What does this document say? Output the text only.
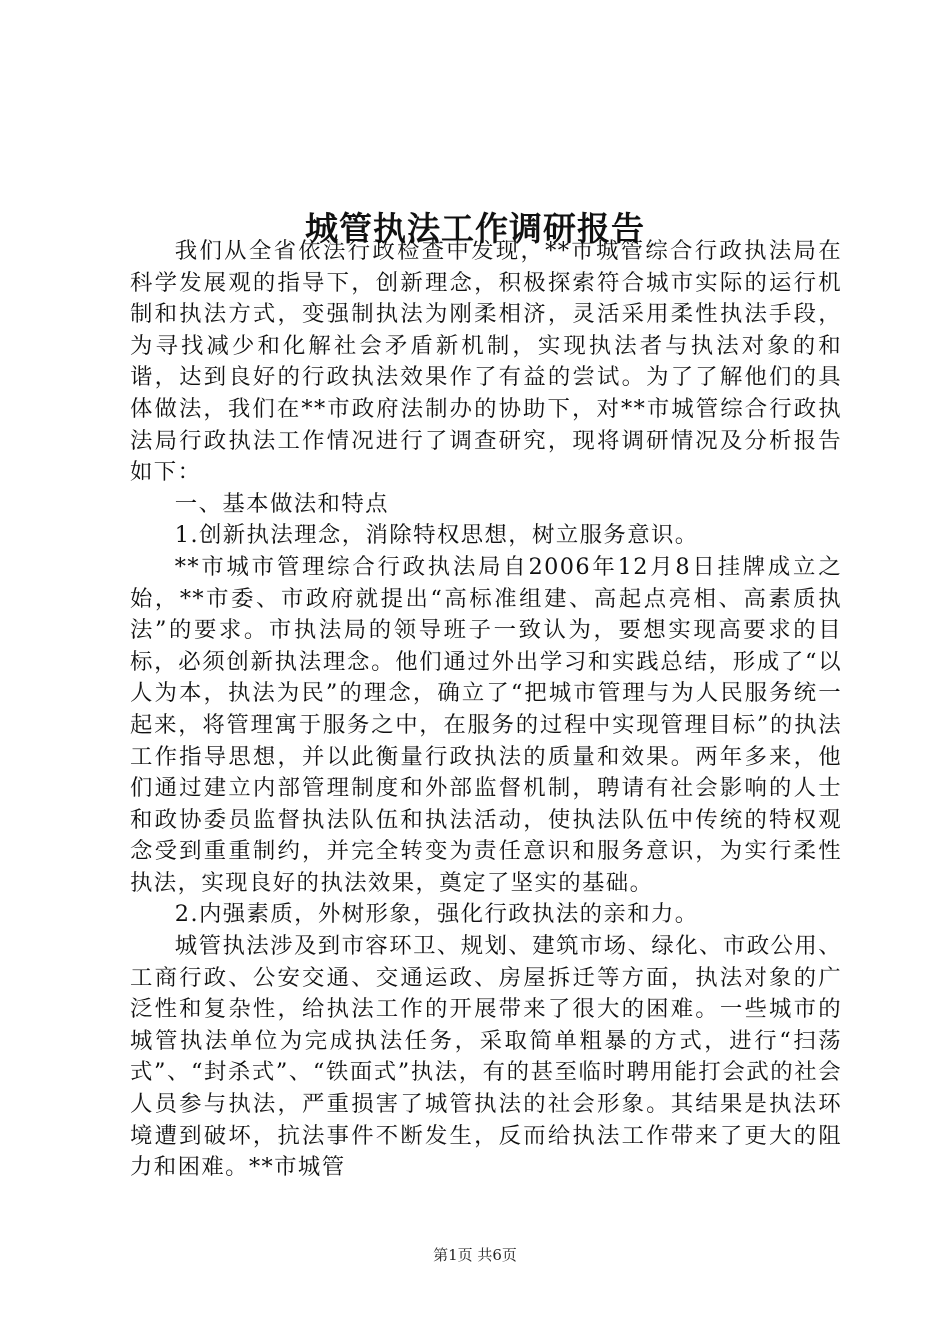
城管执法工作调研报告

我们从全省依法行政检查中发现，**市城管综合行政执法局在科学发展观的指导下，创新理念，积极探索符合城市实际的运行机制和执法方式，变强制执法为刚柔相济，灵活采用柔性执法手段，为寻找减少和化解社会矛盾新机制，实现执法者与执法对象的和谐，达到良好的行政执法效果作了有益的尝试。为了了解他们的具体做法，我们在**市政府法制办的协助下，对**市城管综合行政执法局行政执法工作情况进行了调查研究，现将调研情况及分析报告如下：

一、基本做法和特点

1.创新执法理念，消除特权思想，树立服务意识。

**市城市管理综合行政执法局自2006年12月8日挂牌成立之始，**市委、市政府就提出“高标准组建、高起点亮相、高素质执法”的要求。市执法局的领导班子一致认为，要想实现高要求的目标，必须创新执法理念。他们通过外出学习和实践总结，形成了“以人为本，执法为民”的理念，确立了“把城市管理与为人民服务统一起来，将管理寓于服务之中，在服务的过程中实现管理目标”的执法工作指导思想，并以此衡量行政执法的质量和效果。两年多来，他们通过建立内部管理制度和外部监督机制，聘请有社会影响的人士和政协委员监督执法队伍和执法活动，使执法队伍中传统的特权观念受到重重制约，并完全转变为责任意识和服务意识，为实行柔性执法，实现良好的执法效果，奠定了坚实的基础。

2.内强素质，外树形象，强化行政执法的亲和力。

城管执法涉及到市容环卫、规划、建筑市场、绿化、市政公用、工商行政、公安交通、交通运政、房屋拆迁等方面，执法对象的广泛性和复杂性，给执法工作的开展带来了很大的困难。一些城市的城管执法单位为完成执法任务，采取简单粗暴的方式，进行“扫荡式”、“封杀式”、“铁面式”执法，有的甚至临时聘用能打会武的社会人员参与执法，严重损害了城管执法的社会形象。其结果是执法环境遭到破坏，抗法事件不断发生，反而给执法工作带来了更大的阻力和困难。**市城管

第1页 共6页
